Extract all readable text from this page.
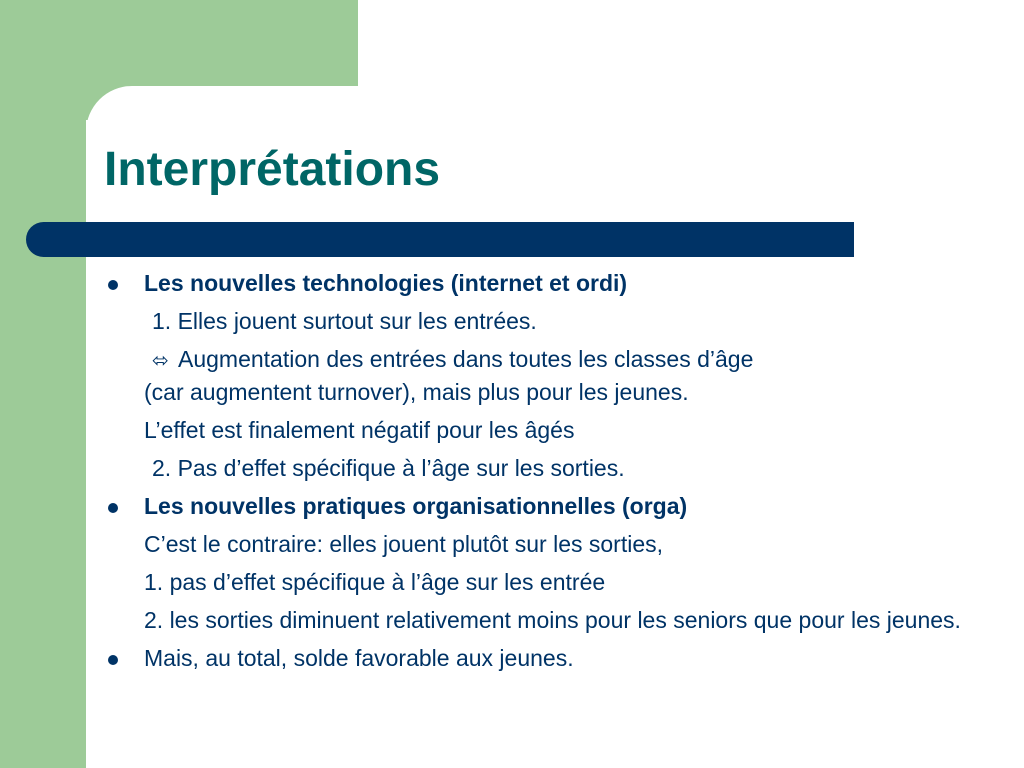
Interprétations
Les nouvelles technologies (internet et ordi)
1. Elles jouent surtout sur les entrées.
⬄ Augmentation des entrées dans toutes les classes d’âge
(car augmentent turnover), mais plus pour les jeunes.
L’effet est finalement négatif pour les âgés
2. Pas d’effet spécifique à l’âge sur les sorties.
Les nouvelles pratiques organisationnelles (orga)
C’est le contraire: elles jouent plutôt sur les sorties,
1. pas d’effet spécifique à l’âge sur les entrée
2. les sorties diminuent relativement moins pour les seniors que pour les jeunes.
Mais, au total, solde favorable aux jeunes.
